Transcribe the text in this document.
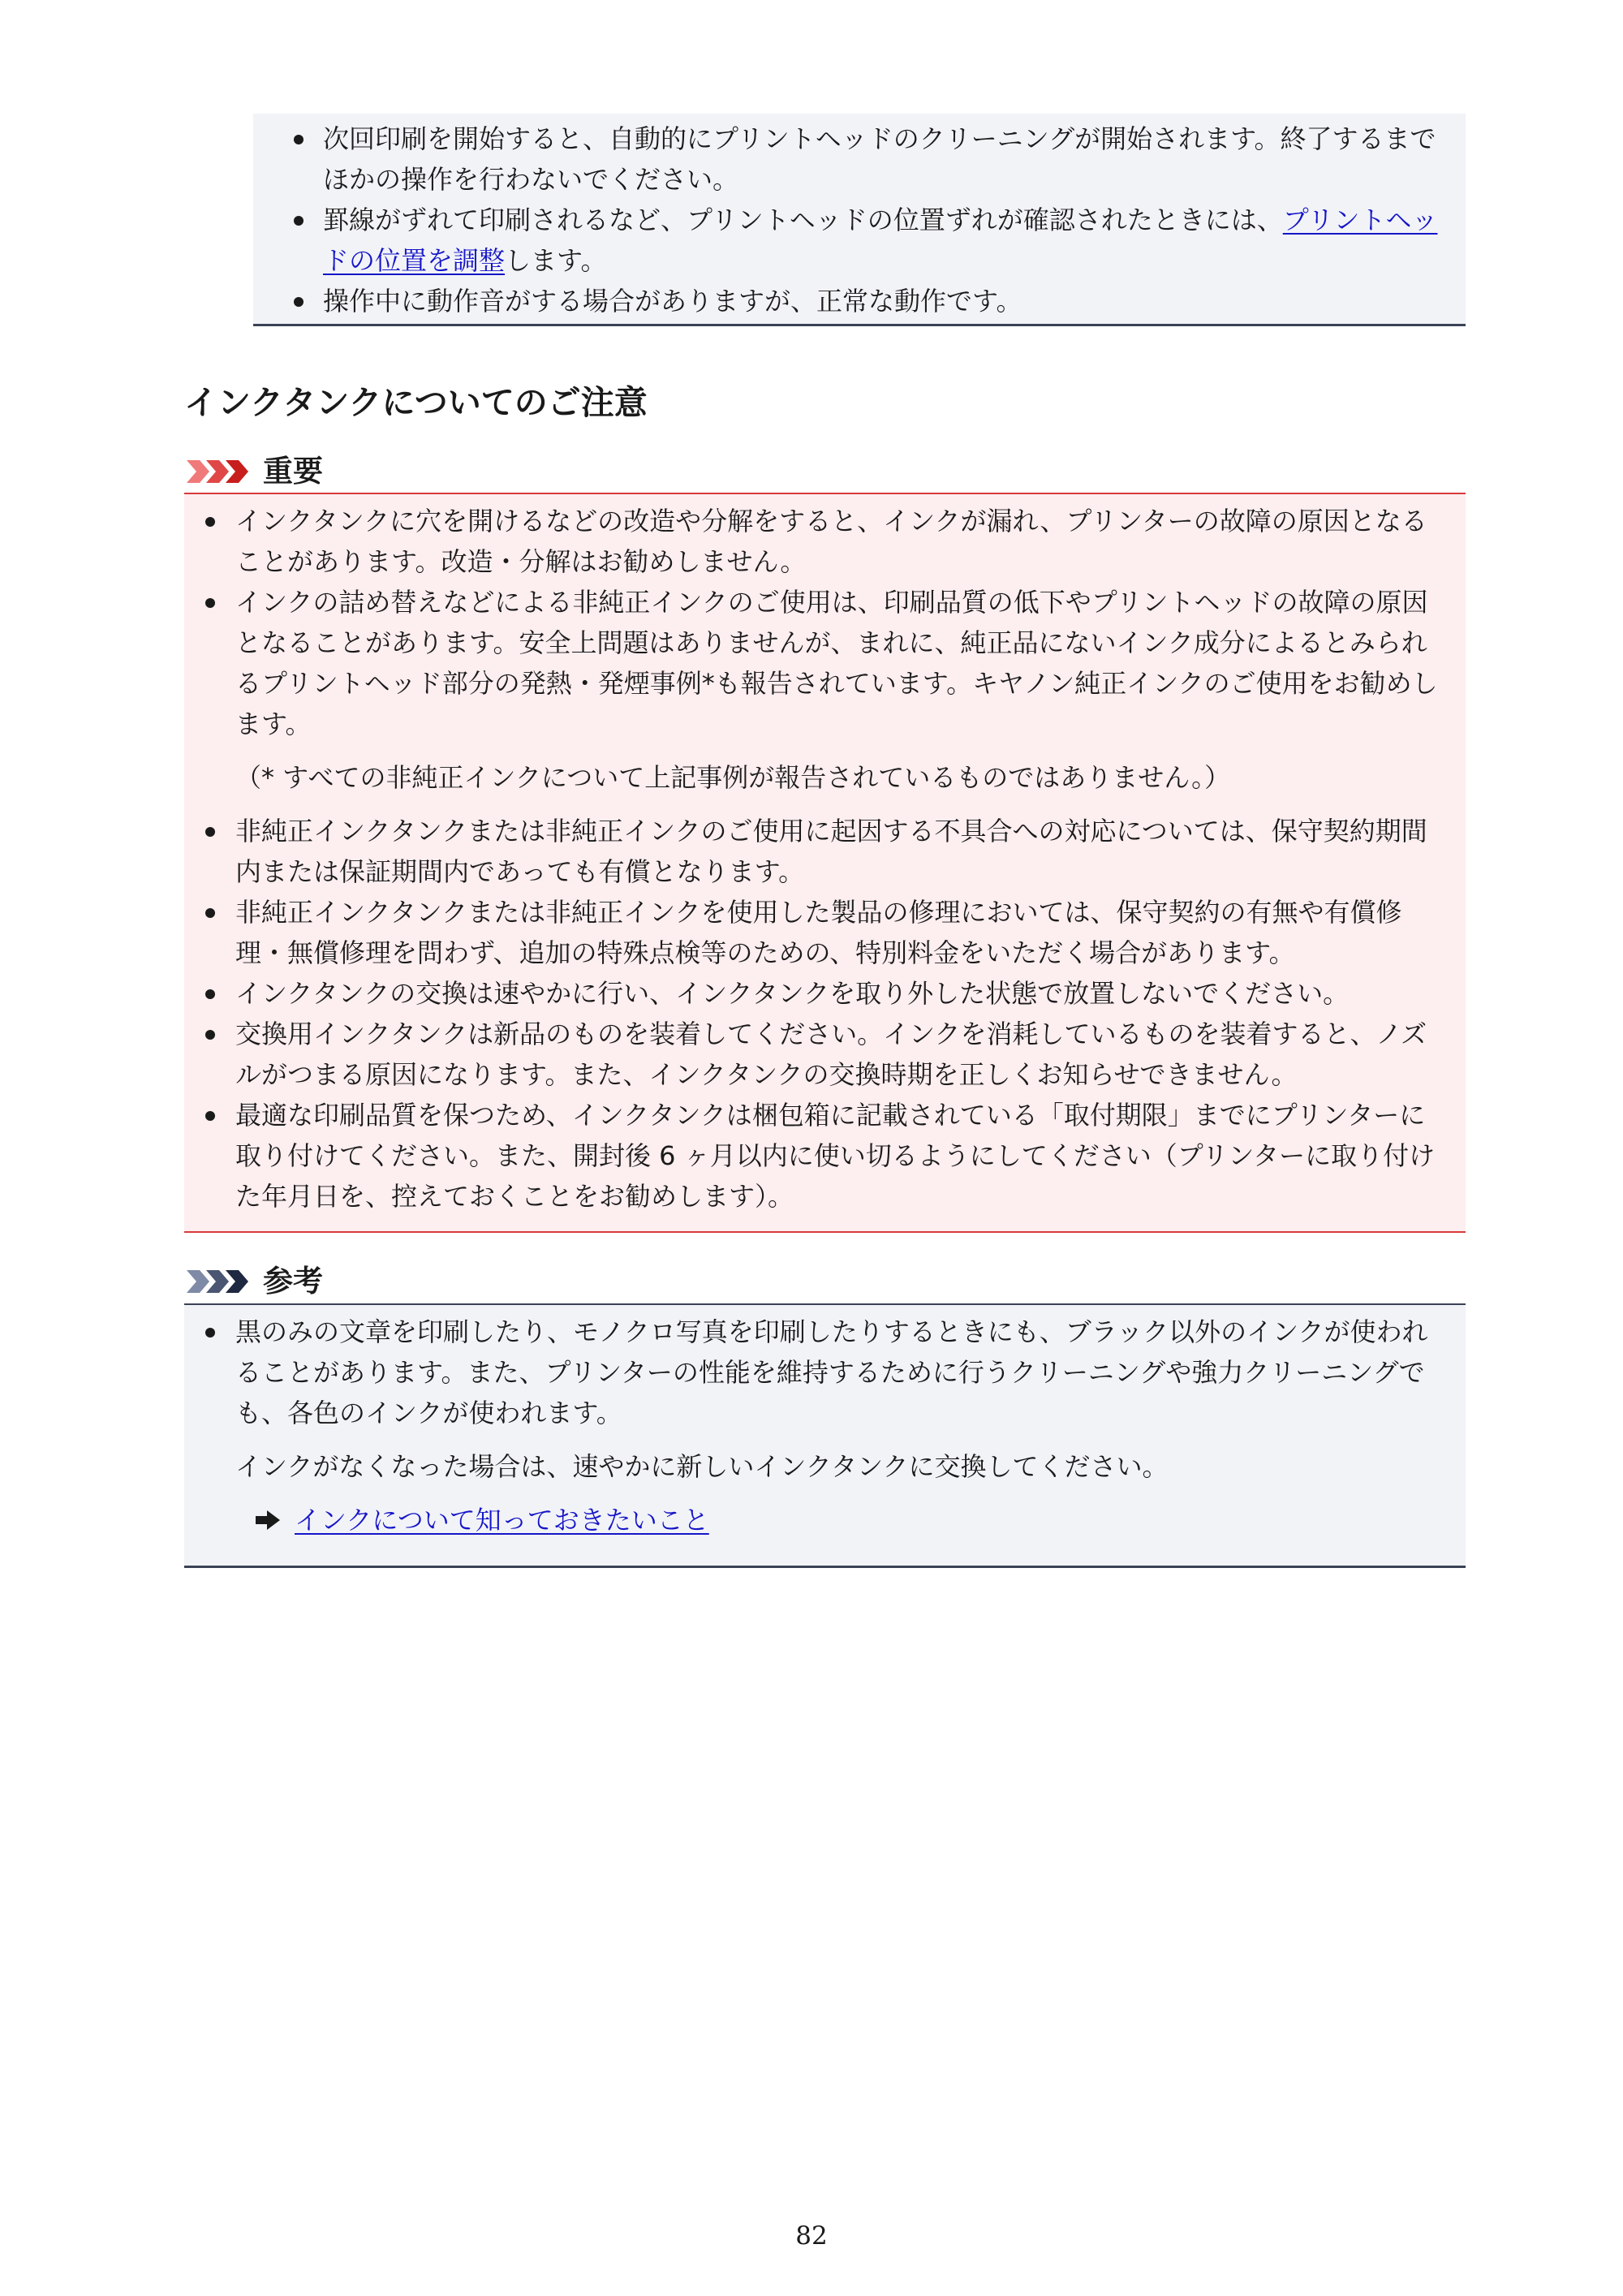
次回印刷を開始すると、自動的にプリントヘッドのクリーニングが開始されます。終了するまでほかの操作を行わないでください。
罫線がずれて印刷されるなど、プリントヘッドの位置ずれが確認されたときには、プリントヘッドの位置を調整します。
操作中に動作音がする場合がありますが、正常な動作です。
インクタンクについてのご注意
重要
インクタンクに穴を開けるなどの改造や分解をすると、インクが漏れ、プリンターの故障の原因となることがあります。改造・分解はお勧めしません。
インクの詰め替えなどによる非純正インクのご使用は、印刷品質の低下やプリントヘッドの故障の原因となることがあります。安全上問題はありませんが、まれに、純正品にないインク成分によるとみられるプリントヘッド部分の発熱・発煙事例*も報告されています。キヤノン純正インクのご使用をお勧めします。

（* すべての非純正インクについて上記事例が報告されているものではありません。）

非純正インクタンクまたは非純正インクのご使用に起因する不具合への対応については、保守契約期間内または保証期間内であっても有償となります。
非純正インクタンクまたは非純正インクを使用した製品の修理においては、保守契約の有無や有償修理・無償修理を問わず、追加の特殊点検等のための、特別料金をいただく場合があります。
インクタンクの交換は速やかに行い、インクタンクを取り外した状態で放置しないでください。
交換用インクタンクは新品のものを装着してください。インクを消耗しているものを装着すると、ノズルがつまる原因になります。また、インクタンクの交換時期を正しくお知らせできません。
最適な印刷品質を保つため、インクタンクは梱包箱に記載されている「取付期限」までにプリンターに取り付けてください。また、開封後 6 ヶ月以内に使い切るようにしてください（プリンターに取り付けた年月日を、控えておくことをお勧めします）。
参考
黒のみの文章を印刷したり、モノクロ写真を印刷したりするときにも、ブラック以外のインクが使われることがあります。また、プリンターの性能を維持するために行うクリーニングや強力クリーニングでも、各色のインクが使われます。

インクがなくなった場合は、速やかに新しいインクタンクに交換してください。

インクについて知っておきたいこと
82
